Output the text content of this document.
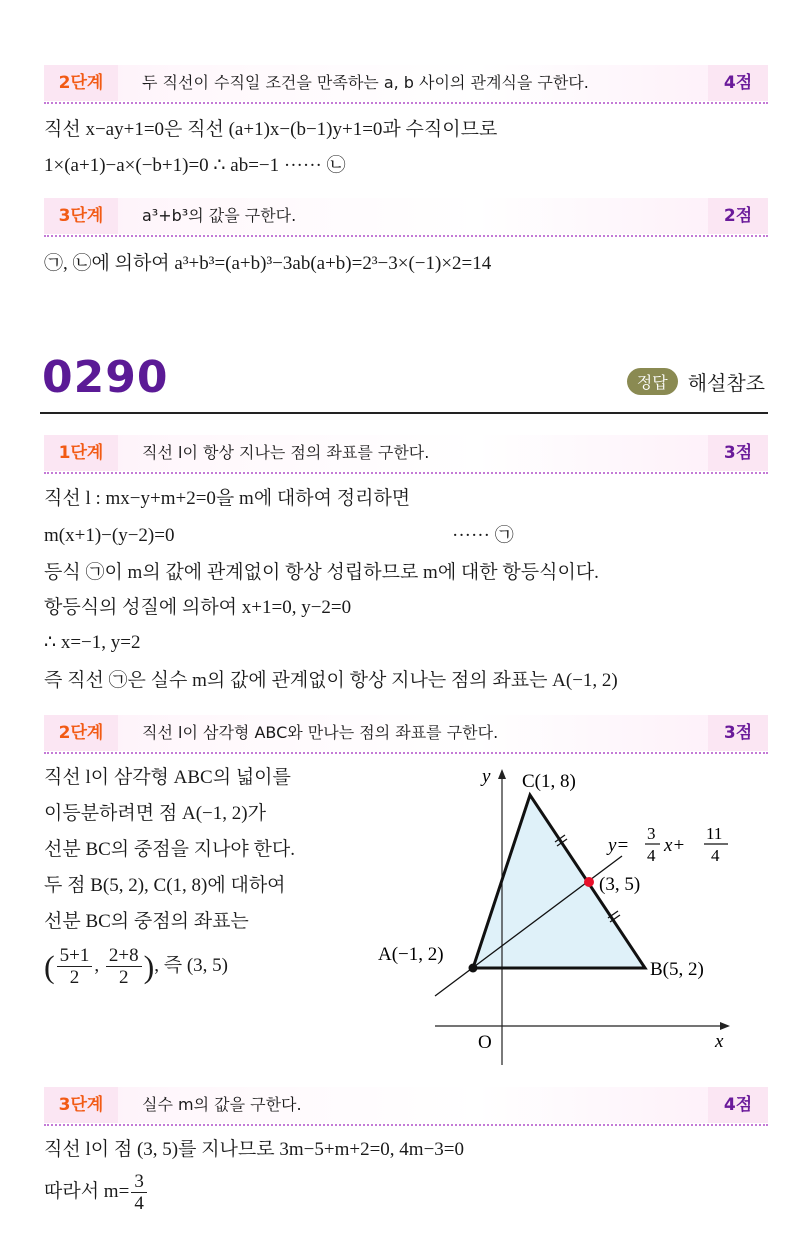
2단계	두 직선이 수직일 조건을 만족하는 a, b 사이의 관계식을 구한다.	4점
직선 x−ay+1=0은 직선 (a+1)x−(b−1)y+1=0과 수직이므로
1×(a+1)−a×(−b+1)=0 ∴ ab=−1 ······ ㉡
3단계	a³+b³의 값을 구한다.	2점
㉠, ㉡에 의하여 a³+b³=(a+b)³−3ab(a+b)=2³−3×(−1)×2=14
0290	정답	해설참조
1단계	직선 l이 항상 지나는 점의 좌표를 구한다.	3점
직선 l : mx−y+m+2=0을 m에 대하여 정리하면
m(x+1)−(y−2)=0	······ ㉠
등식 ㉠이 m의 값에 관계없이 항상 성립하므로 m에 대한 항등식이다.
항등식의 성질에 의하여 x+1=0, y−2=0
∴ x=−1, y=2
즉 직선 ㉠은 실수 m의 값에 관계없이 항상 지나는 점의 좌표는 A(−1, 2)
2단계	직선 l이 삼각형 ABC와 만나는 점의 좌표를 구한다.	3점
직선 l이 삼각형 ABC의 넓이를
이등분하려면 점 A(−1, 2)가
선분 BC의 중점을 지나야 한다.
두 점 B(5, 2), C(1, 8)에 대하여
선분 BC의 중점의 좌표는
( $\frac{5+1}{2}$ , $\frac{2+8}{2}$ ), 즉 (3, 5)
y C(1, 8)
A(−1, 2)
B(5, 2)
(3, 5)
O	x
y=
3
4 x+
11
4
3단계	실수 m의 값을 구한다.	4점
직선 l이 점 (3, 5)를 지나므로 3m−5+m+2=0, 4m−3=0
따라서 $m= \frac{3}{4}$
